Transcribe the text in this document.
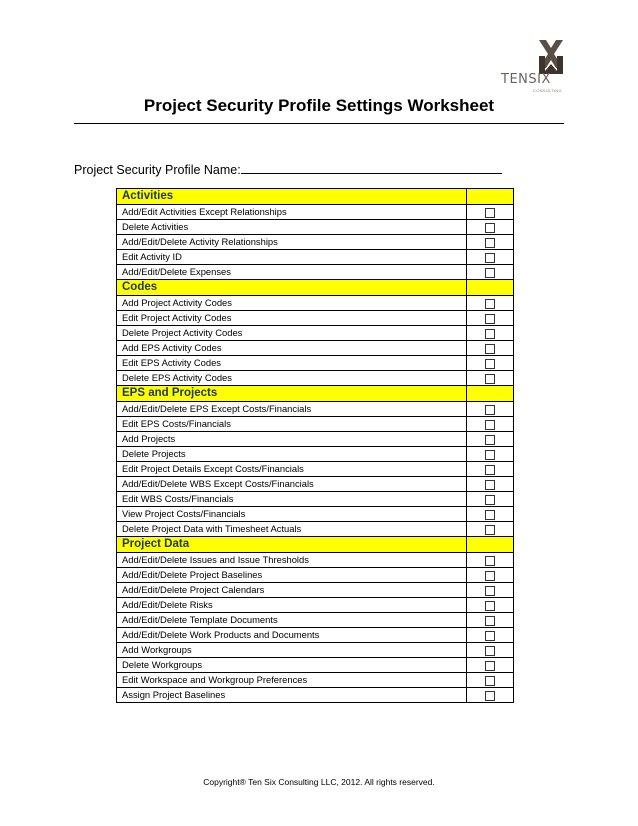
TENSIX
CONSULTING
Project Security Profile Settings Worksheet
Project Security Profile Name:
Activities	
Add/Edit Activities Except Relationships	
Delete Activities	
Add/Edit/Delete Activity Relationships	
Edit Activity ID	
Add/Edit/Delete Expenses	
Codes	
Add Project Activity Codes	
Edit Project Activity Codes	
Delete Project Activity Codes	
Add EPS Activity Codes	
Edit EPS Activity Codes	
Delete EPS Activity Codes	
EPS and Projects	
Add/Edit/Delete EPS Except Costs/Financials	
Edit EPS Costs/Financials	
Add Projects	
Delete Projects	
Edit Project Details Except Costs/Financials	
Add/Edit/Delete WBS Except Costs/Financials	
Edit WBS Costs/Financials	
View Project Costs/Financials	
Delete Project Data with Timesheet Actuals	
Project Data	
Add/Edit/Delete Issues and Issue Thresholds	
Add/Edit/Delete Project Baselines	
Add/Edit/Delete Project Calendars	
Add/Edit/Delete Risks	
Add/Edit/Delete Template Documents	
Add/Edit/Delete Work Products and Documents	
Add Workgroups	
Delete Workgroups	
Edit Workspace and Workgroup Preferences	
Assign Project Baselines	
Copyright® Ten Six Consulting LLC, 2012. All rights reserved.
